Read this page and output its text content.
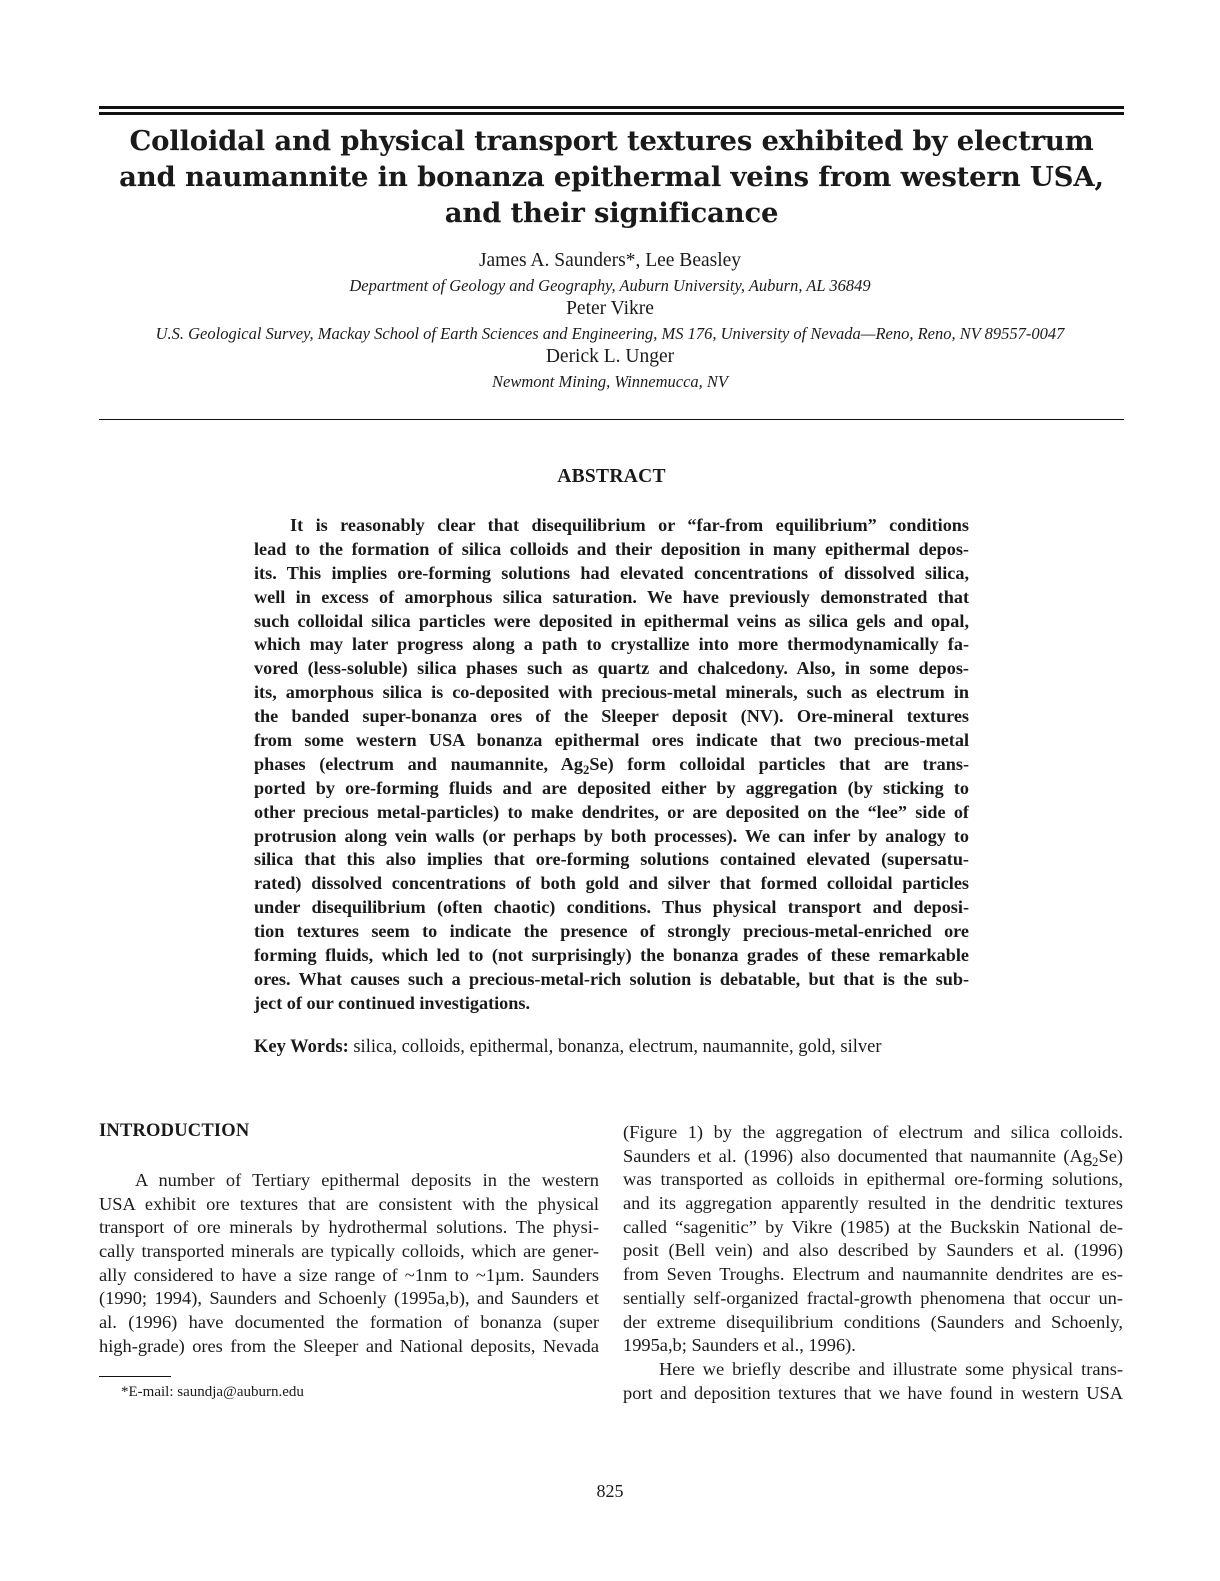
Colloidal and physical transport textures exhibited by electrum
and naumannite in bonanza epithermal veins from western USA,
and their significance
James A. Saunders*, Lee Beasley
Department of Geology and Geography, Auburn University, Auburn, AL 36849
Peter Vikre
U.S. Geological Survey, Mackay School of Earth Sciences and Engineering, MS 176, University of Nevada—Reno, Reno, NV 89557-0047
Derick L. Unger
Newmont Mining, Winnemucca, NV
ABSTRACT
It is reasonably clear that disequilibrium or “far-from equilibrium” conditions
lead to the formation of silica colloids and their deposition in many epithermal depos-
its. This implies ore-forming solutions had elevated concentrations of dissolved silica,
well in excess of amorphous silica saturation. We have previously demonstrated that
such colloidal silica particles were deposited in epithermal veins as silica gels and opal,
which may later progress along a path to crystallize into more thermodynamically fa-
vored (less-soluble) silica phases such as quartz and chalcedony. Also, in some depos-
its, amorphous silica is co-deposited with precious-metal minerals, such as electrum in
the banded super-bonanza ores of the Sleeper deposit (NV). Ore-mineral textures
from some western USA bonanza epithermal ores indicate that two precious-metal
phases (electrum and naumannite, $Ag_2Se$) form colloidal particles that are trans-
ported by ore-forming fluids and are deposited either by aggregation (by sticking to
other precious metal-particles) to make dendrites, or are deposited on the “lee” side of
protrusion along vein walls (or perhaps by both processes). We can infer by analogy to
silica that this also implies that ore-forming solutions contained elevated (supersatu-
rated) dissolved concentrations of both gold and silver that formed colloidal particles
under disequilibrium (often chaotic) conditions. Thus physical transport and deposi-
tion textures seem to indicate the presence of strongly precious-metal-enriched ore
forming fluids, which led to (not surprisingly) the bonanza grades of these remarkable
ores. What causes such a precious-metal-rich solution is debatable, but that is the sub-
ject of our continued investigations.
Key Words: silica, colloids, epithermal, bonanza, electrum, naumannite, gold, silver
INTRODUCTION
A number of Tertiary epithermal deposits in the western
USA exhibit ore textures that are consistent with the physical
transport of ore minerals by hydrothermal solutions. The physi-
cally transported minerals are typically colloids, which are gener-
ally considered to have a size range of ~1nm to ~1µm. Saunders
(1990; 1994), Saunders and Schoenly (1995a,b), and Saunders et
al. (1996) have documented the formation of bonanza (super
high-grade) ores from the Sleeper and National deposits, Nevada
*E-mail: saundja@auburn.edu
(Figure 1) by the aggregation of electrum and silica colloids.
Saunders et al. (1996) also documented that naumannite $(Ag_2Se)$
was transported as colloids in epithermal ore-forming solutions,
and its aggregation apparently resulted in the dendritic textures
called “sagenitic” by Vikre (1985) at the Buckskin National de-
posit (Bell vein) and also described by Saunders et al. (1996)
from Seven Troughs. Electrum and naumannite dendrites are es-
sentially self-organized fractal-growth phenomena that occur un-
der extreme disequilibrium conditions (Saunders and Schoenly,
1995a,b; Saunders et al., 1996).
Here we briefly describe and illustrate some physical trans-
port and deposition textures that we have found in western USA
825
